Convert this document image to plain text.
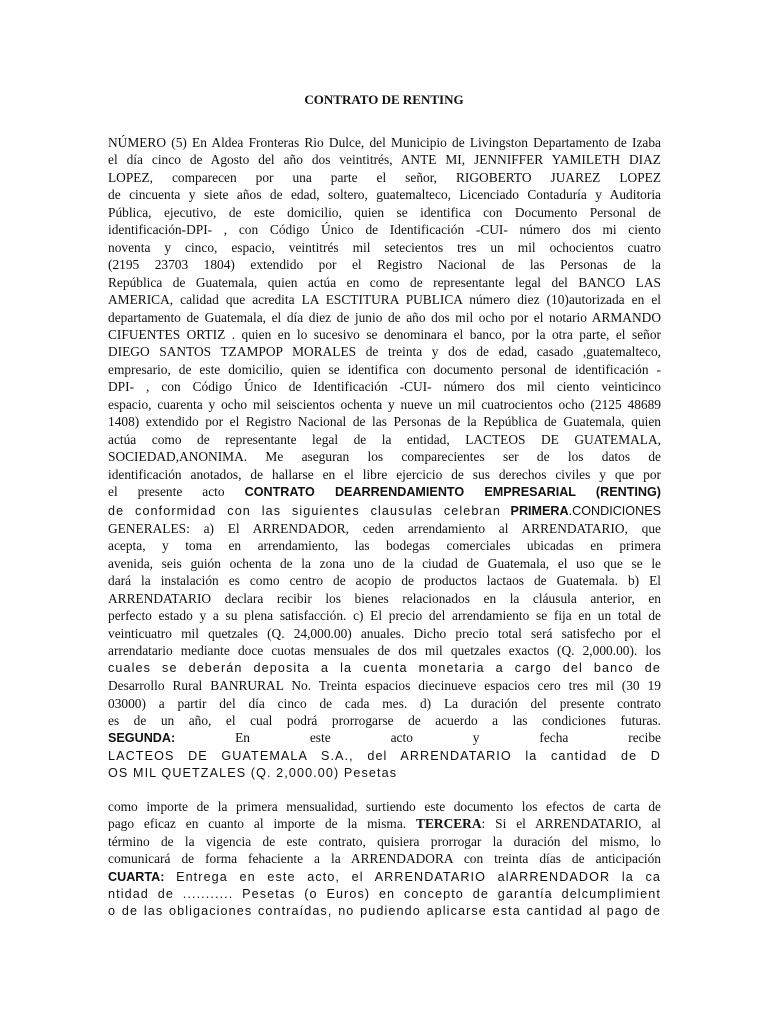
CONTRATO DE RENTING
NÚMERO (5) En Aldea Fronteras Rio Dulce, del Municipio de Livingston Departamento de Izaba
el día cinco de Agosto del año dos veintitrés, ANTE MI, JENNIFFER YAMILETH DIAZ
LOPEZ, comparecen por una parte el señor, RIGOBERTO JUAREZ LOPEZ
de cincuenta y siete años de edad, soltero, guatemalteco, Licenciado Contaduría y Auditoria
Pública, ejecutivo, de este domicilio, quien se identifica con Documento Personal de
identificación-DPI- , con Código Único de Identificación -CUI- número dos mi ciento
noventa y cinco, espacio, veintitrés mil setecientos tres un mil ochocientos cuatro
(2195 23703 1804) extendido por el Registro Nacional de las Personas de la
República de Guatemala, quien actúa en como de representante legal del BANCO LAS
AMERICA, calidad que acredita LA ESCTITURA PUBLICA número diez (10)autorizada en el
departamento de Guatemala, el día diez de junio de año dos mil ocho por el notario ARMANDO
CIFUENTES ORTIZ . quien en lo sucesivo se denominara el banco, por la otra parte, el señor
DIEGO SANTOS TZAMPOP MORALES de treinta y dos de edad, casado ,guatemalteco,
empresario, de este domicilio, quien se identifica con documento personal de identificación -
DPI- , con Código Único de Identificación -CUI- número dos mil ciento veinticinco
espacio, cuarenta y ocho mil seiscientos ochenta y nueve un mil cuatrocientos ocho (2125 48689
1408) extendido por el Registro Nacional de las Personas de la República de Guatemala, quien
actúa como de representante legal de la entidad, LACTEOS DE GUATEMALA,
SOCIEDAD,ANONIMA. Me aseguran los comparecientes ser de los datos de
identificación anotados, de hallarse en el libre ejercicio de sus derechos civiles y que por
el presente acto CONTRATO DEARRENDAMIENTO EMPRESARIAL (RENTING)
de conformidad con las siguientes clausulas celebran PRIMERA.CONDICIONES
GENERALES: a) El ARRENDADOR, ceden arrendamiento al ARRENDATARIO, que
acepta, y toma en arrendamiento, las bodegas comerciales ubicadas en primera
avenida, seis guión ochenta de la zona uno de la ciudad de Guatemala, el uso que se le
dará la instalación es como centro de acopio de productos lactaos de Guatemala. b) El
ARRENDATARIO declara recibir los bienes relacionados en la cláusula anterior, en
perfecto estado y a su plena satisfacción. c) El precio del arrendamiento se fija en un total de
veinticuatro mil quetzales (Q. 24,000.00) anuales. Dicho precio total será satisfecho por el
arrendatario mediante doce cuotas mensuales de dos mil quetzales exactos (Q. 2,000.00). los
cuales se deberán deposita a la cuenta monetaria a cargo del banco de
Desarrollo Rural BANRURAL No. Treinta espacios diecinueve espacios cero tres mil (30 19
03000) a partir del día cinco de cada mes. d) La duración del presente contrato
es de un año, el cual podrá prorrogarse de acuerdo a las condiciones futuras.
SEGUNDA:	En este acto y fecha recibe
LACTEOS DE GUATEMALA S.A., del ARRENDATARIO la cantidad de D
OS MIL QUETZALES (Q. 2,000.00) Pesetas
como importe de la primera mensualidad, surtiendo este documento los efectos de carta de
pago eficaz en cuanto al importe de la misma. TERCERA: Si el ARRENDATARIO, al
término de la vigencia de este contrato, quisiera prorrogar la duración del mismo, lo
comunicará de forma fehaciente a la ARRENDADORA con treinta días de anticipación
CUARTA: Entrega en este acto, el ARRENDATARIO alARRENDADOR la ca
ntidad de ........... Pesetas (o Euros) en concepto de garantía delcumplimient
o de las obligaciones contraídas, no pudiendo aplicarse esta cantidad al pago de
